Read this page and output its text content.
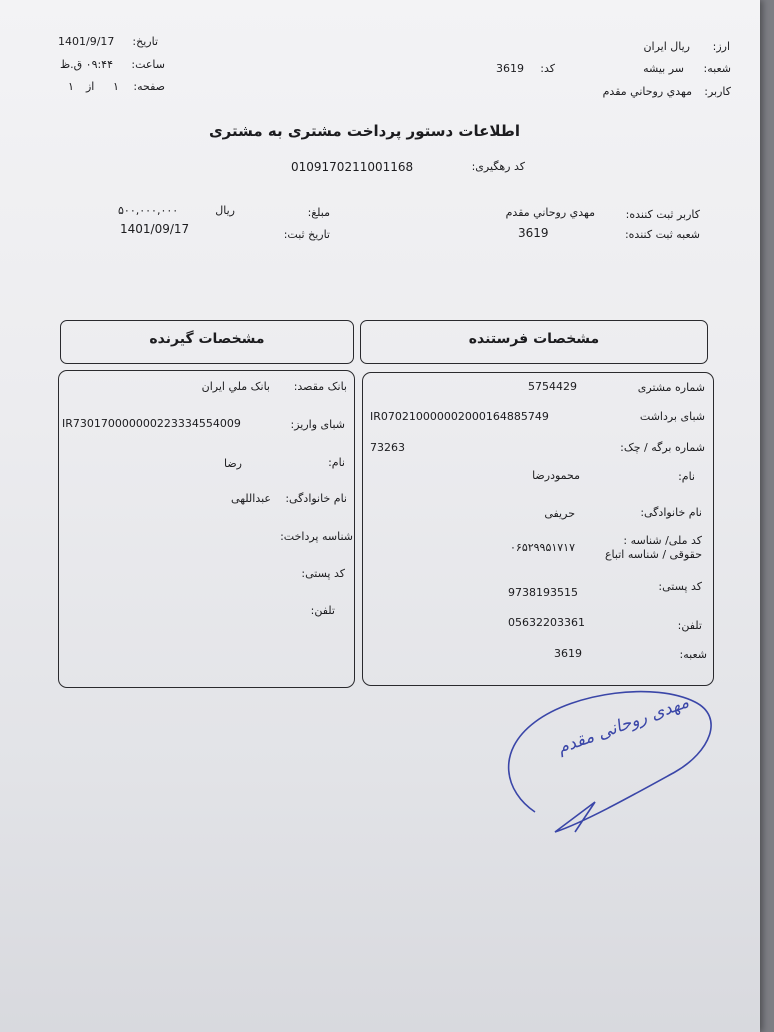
تاریخ:
1401/9/17
ساعت:
۰۹:۴۴ ق.ظ
صفحه:
۱
از
۱
ارز:
ریال ایران
شعبه:
سر بیشه
کد:
3619
کاربر:
مهدي روحاني مقدم
اطلاعات دستور پرداخت مشتری به مشتری
کد رهگیری:
0109170211001168
کاربر ثبت کننده:
مهدي روحاني مقدم
شعبه ثبت کننده:
3619
مبلغ:
ریال
۵۰۰,۰۰۰,۰۰۰
تاریخ ثبت:
1401/09/17
مشخصات گیرنده	مشخصات فرستنده
بانک مقصد:
بانک ملي ايران
شبای واریز:
IR730170000000223334554009
نام:
رضا
نام خانوادگی:
عبداللهی
شناسه پرداخت:
کد پستی:
تلفن:
شماره مشتری
5754429
شبای برداشت
IR070210000002000164885749
شماره برگه / چک:
73263
نام:
محمودرضا
نام خانوادگی:
حریفی
کد ملی/ شناسه :
حقوقی / شناسه اتباع
۰۶۵۲۹۹۵۱۷۱۷
کد پستی:
9738193515
تلفن:
05632203361
شعبه:
3619
مهدی روحانی مقدم
